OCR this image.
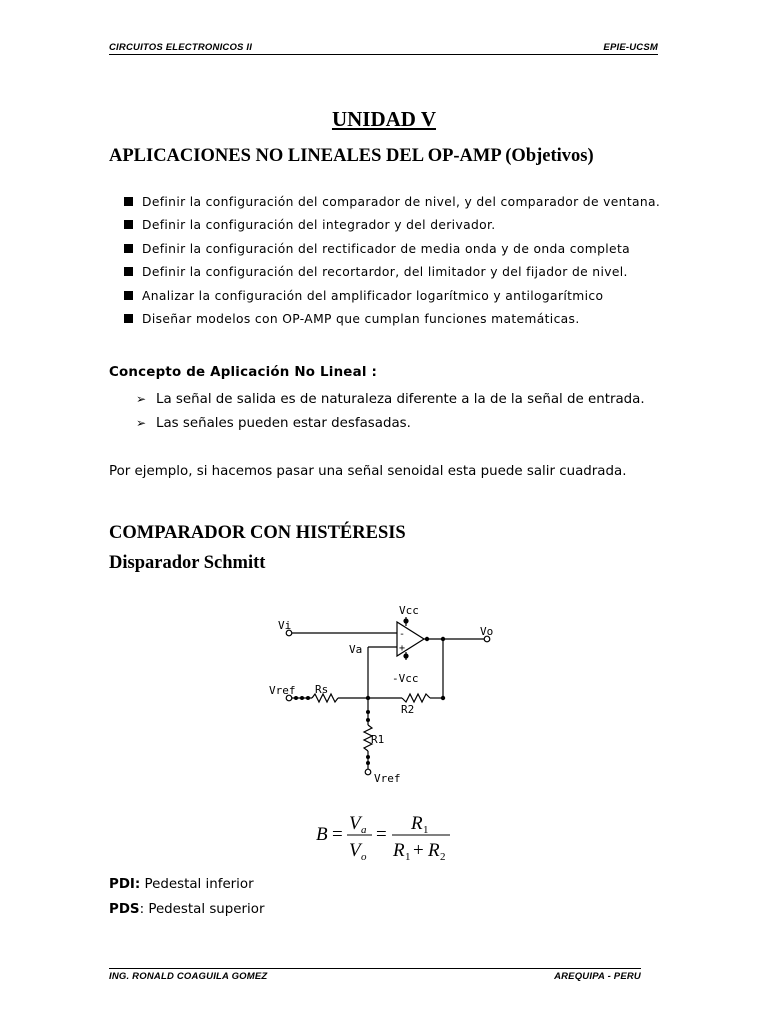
CIRCUITOS ELECTRONICOS II	EPIE-UCSM
UNIDAD V
APLICACIONES NO LINEALES DEL OP-AMP (Objetivos)
Definir la configuración del comparador de nivel, y del comparador de ventana.
Definir la configuración del integrador y del derivador.
Definir la configuración del rectificador de media onda y de onda completa
Definir la configuración del recortardor, del limitador y del fijador de nivel.
Analizar la configuración del amplificador logarítmico y antilogarítmico
Diseñar modelos con OP-AMP que cumplan funciones matemáticas.
Concepto de Aplicación No Lineal :
➢ La señal de salida es de naturaleza diferente a la de la señal de entrada.
➢ Las señales pueden estar desfasadas.
Por ejemplo, si hacemos pasar una señal senoidal esta puede salir cuadrada.
COMPARADOR CON HISTÉRESIS
Disparador Schmitt
Vcc
Vi	Vo
Va
-
+
-Vcc
Vref Rs
R2
R1
Vref
B =
V a
V o
=
R 1
R 1 + R 2
PDI: Pedestal inferior
PDS: Pedestal superior
ING. RONALD COAGUILA GOMEZ	AREQUIPA - PERU
